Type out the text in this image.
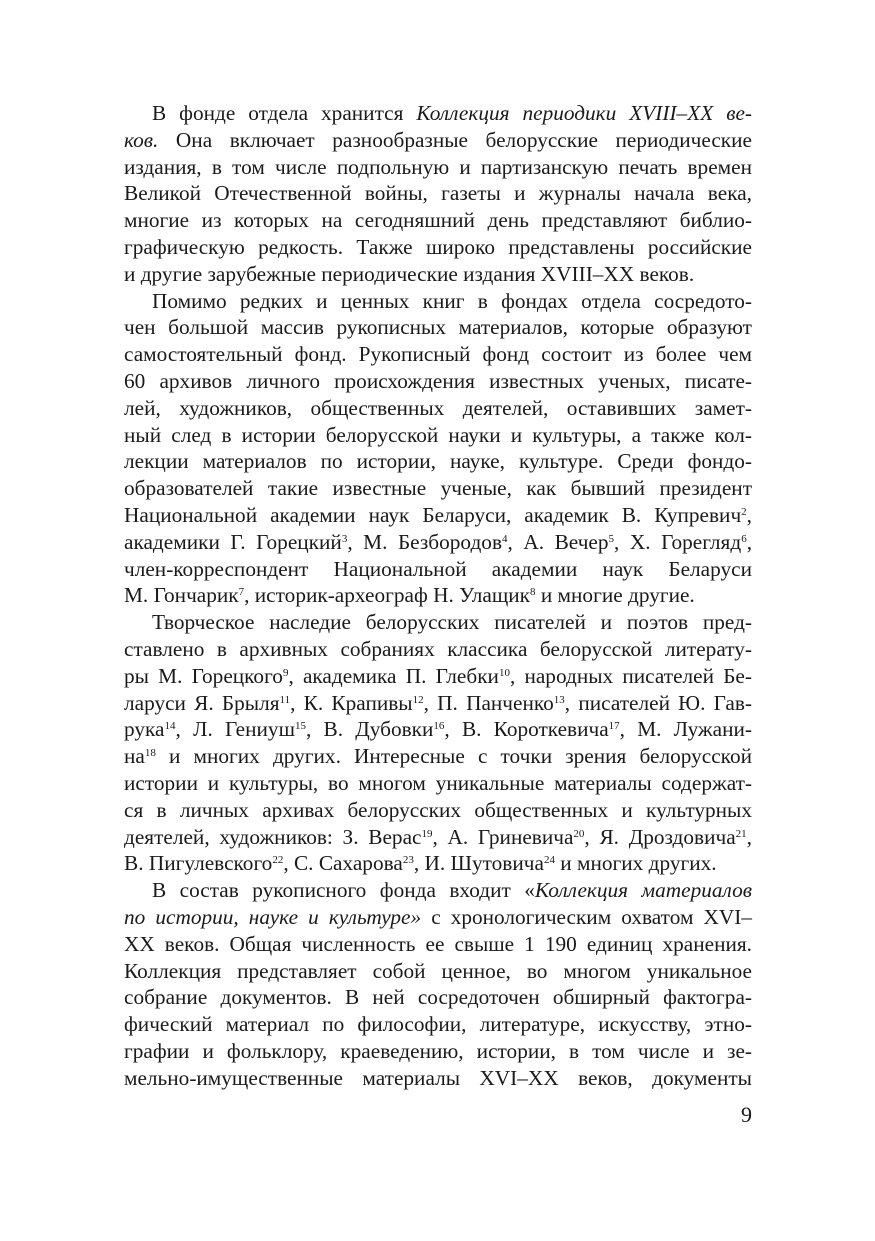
В фонде отдела хранится Коллекция периодики XVIII–XX ве-
ков. Она включает разнообразные белорусские периодические
издания, в том числе подпольную и партизанскую печать времен
Великой Отечественной войны, газеты и журналы начала века,
многие из которых на сегодняшний день представляют библио-
графическую редкость. Также широко представлены российские
и другие зарубежные периодические издания XVIII–XX веков.
Помимо редких и ценных книг в фондах отдела сосредото-
чен большой массив рукописных материалов, которые образуют
самостоятельный фонд. Рукописный фонд состоит из более чем
60 архивов личного происхождения известных ученых, писате-
лей, художников, общественных деятелей, оставивших замет-
ный след в истории белорусской науки и культуры, а также кол-
лекции материалов по истории, науке, культуре. Среди фондо-
образователей такие известные ученые, как бывший президент
Национальной академии наук Беларуси, академик В. Купревич$^2$,
академики Г. Горецкий$^3$, М. Безбородов$^4$, А. Вечер$^5$, Х. Горегляд$^6$,
член-корреспондент Национальной академии наук Беларуси
М. Гончарик$^7$, историк-археограф Н. Улащик$^8$ и многие другие.
Творческое наследие белорусских писателей и поэтов пред-
ставлено в архивных собраниях классика белорусской литерату-
ры М. Горецкого$^9$, академика П. Глебки$^{10}$, народных писателей Бе-
ларуси Я. Брыля$^{11}$, К. Крапивы$^{12}$, П. Панченко$^{13}$, писателей Ю. Гав-
рука$^{14}$, Л. Гениуш$^{15}$, В. Дубовки$^{16}$, В. Короткевича$^{17}$, М. Лужани-
$на^{18}$ и многих других. Интересные с точки зрения белорусской
истории и культуры, во многом уникальные материалы содержат-
ся в личных архивах белорусских общественных и культурных
деятелей, художников: З. Верас$^{19}$, А. Гриневича$^{20}$, Я. Дроздовича$^{21}$,
В. Пигулевского$^{22}$, С. Сахарова$^{23}$, И. Шутовича$^{24}$ и многих других.
В состав рукописного фонда входит «Коллекция материалов
по истории, науке и культуре» с хронологическим охватом XVI–
XX веков. Общая численность ее свыше 1 190 единиц хранения.
Коллекция представляет собой ценное, во многом уникальное
собрание документов. В ней сосредоточен обширный фактогра-
фический материал по философии, литературе, искусству, этно-
графии и фольклору, краеведению, истории, в том числе и зе-
мельно-имущественные материалы XVI–XX веков, документы
9
